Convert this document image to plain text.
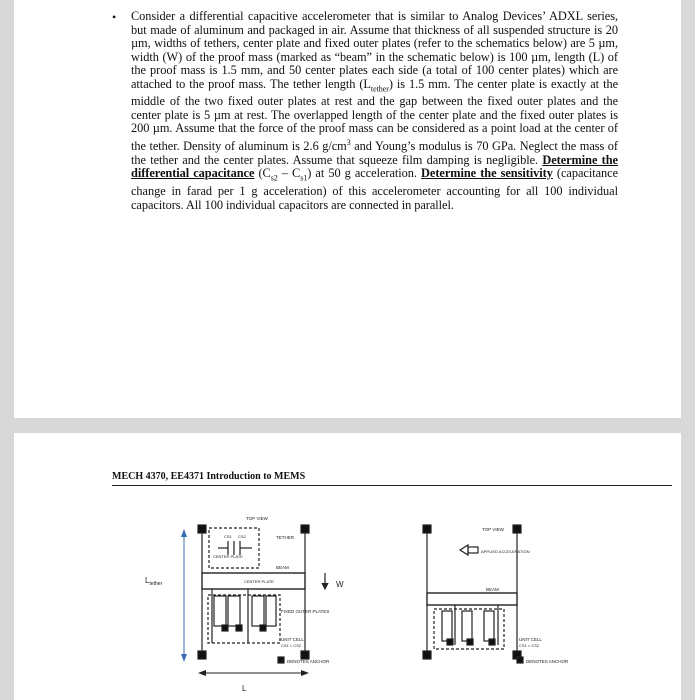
• Consider a differential capacitive accelerometer that is similar to Analog Devices’ ADXL series, but made of aluminum and packaged in air. Assume that thickness of all suspended structure is 20 µm, widths of tethers, center plate and fixed outer plates (refer to the schematics below) are 5 µm, width (W) of the proof mass (marked as “beam” in the schematic below) is 100 µm, length (L) of the proof mass is 1.5 mm, and 50 center plates each side (a total of 100 center plates) which are attached to the proof mass. The tether length $(L_{tether})$ is 1.5 mm. The center plate is exactly at the middle of the two fixed outer plates at rest and the gap between the fixed outer plates and the center plate is 5 µm at rest. The overlapped length of the center plate and the fixed outer plates is 200 µm. Assume that the force of the proof mass can be considered as a point load at the center of the tether. Density of aluminum is 2.6 $g/cm^3$ and Young’s modulus is 70 GPa. Neglect the mass of the tether and the center plates. Assume that squeeze film damping is negligible. Determine the differential capacitance $(C_{s2} - C_{s1})$ at 50 g acceleration. Determine the sensitivity (capacitance change in farad per 1 g acceleration) of this accelerometer accounting for all 100 individual capacitors. All 100 individual capacitors are connected in parallel.
MECH 4370, EE4371 Introduction to MEMS
TOP VIEW
CS1 CS2
CENTER PLATE
TETHER
BEAM
CENTER PLATE	W
FIXED OUTER PLATES
UNIT CELL
CS1 = CS2
DENOTES ANCHOR
$L_{tether}$
L
TOP VIEW
APPLIED ACCELERATION
BEAM
UNIT CELL
CS1 < CS2
DENOTES ANCHOR
